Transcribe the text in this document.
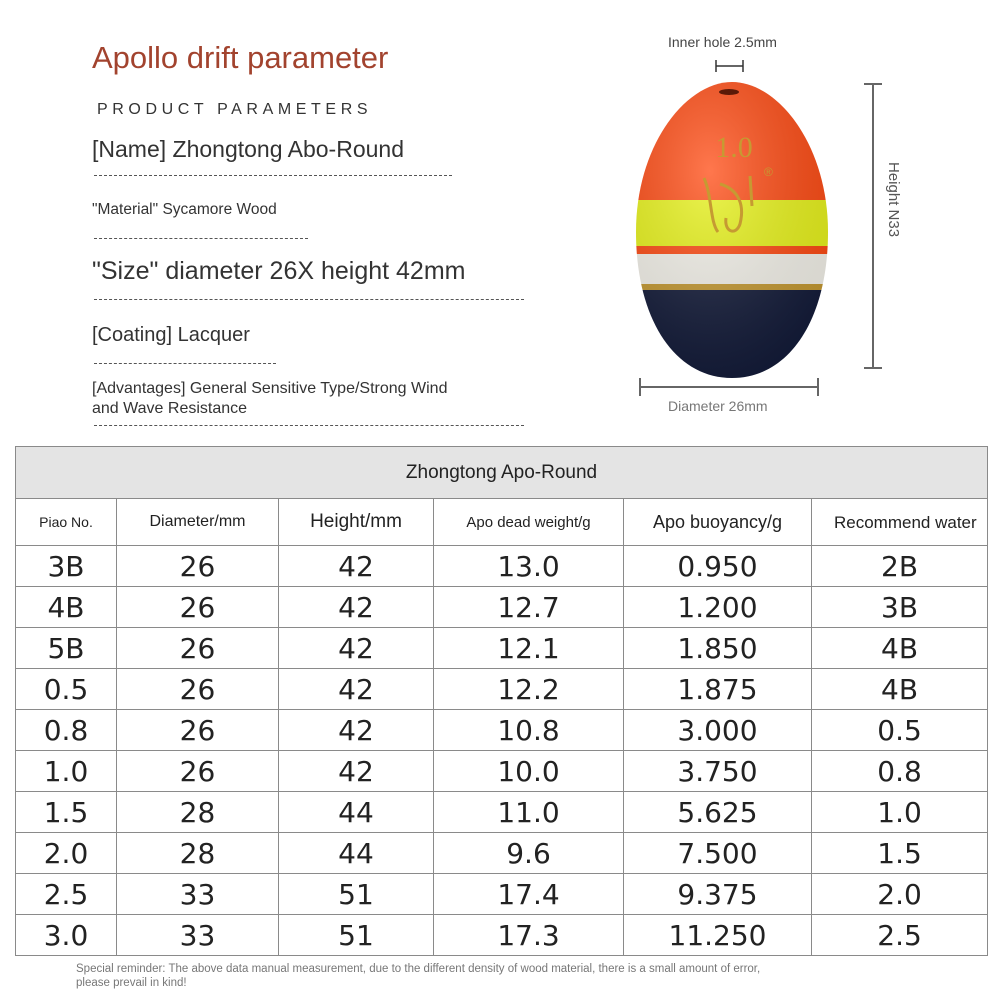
Apollo drift parameter
PRODUCT PARAMETERS
[Name] Zhongtong Abo-Round
"Material" Sycamore Wood
"Size" diameter 26X height 42mm
[Coating] Lacquer
[Advantages] General Sensitive Type/Strong Wind
and Wave Resistance
Inner hole 2.5mm
1.0
®	Height N33
Diameter 26mm
Zhongtong Apo-Round					
Piao No.	Diameter/mm	Height/mm	Apo dead weight/g	Apo buoyancy/g	Recommend water
3B	26	42	13.0	0.950	2B
4B	26	42	12.7	1.200	3B
5B	26	42	12.1	1.850	4B
0.5	26	42	12.2	1.875	4B
0.8	26	42	10.8	3.000	0.5
1.0	26	42	10.0	3.750	0.8
1.5	28	44	11.0	5.625	1.0
2.0	28	44	9.6	7.500	1.5
2.5	33	51	17.4	9.375	2.0
3.0	33	51	17.3	11.250	2.5
Special reminder: The above data manual measurement, due to the different density of wood material, there is a small amount of error,
please prevail in kind!
